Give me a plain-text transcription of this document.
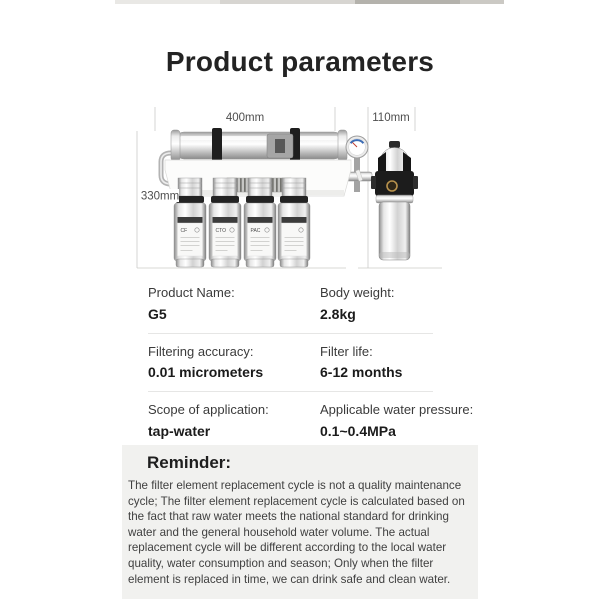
Product parameters
400mm	110mm
CF	CTO	PAC
330mm
Product Name:
G5
Body weight:
2.8kg
Filtering accuracy:
0.01 micrometers
Filter life:
6-12 months
Scope of application:
tap-water
Applicable water pressure:
0.1~0.4MPa
Reminder:

The filter element replacement cycle is not a quality maintenance cycle; The filter element replacement cycle is calculated based on the fact that raw water meets the national standard for drinking water and the general household water volume. The actual replacement cycle will be different according to the local water quality, water consumption and season; Only when the filter element is replaced in time, we can drink safe and clean water.
